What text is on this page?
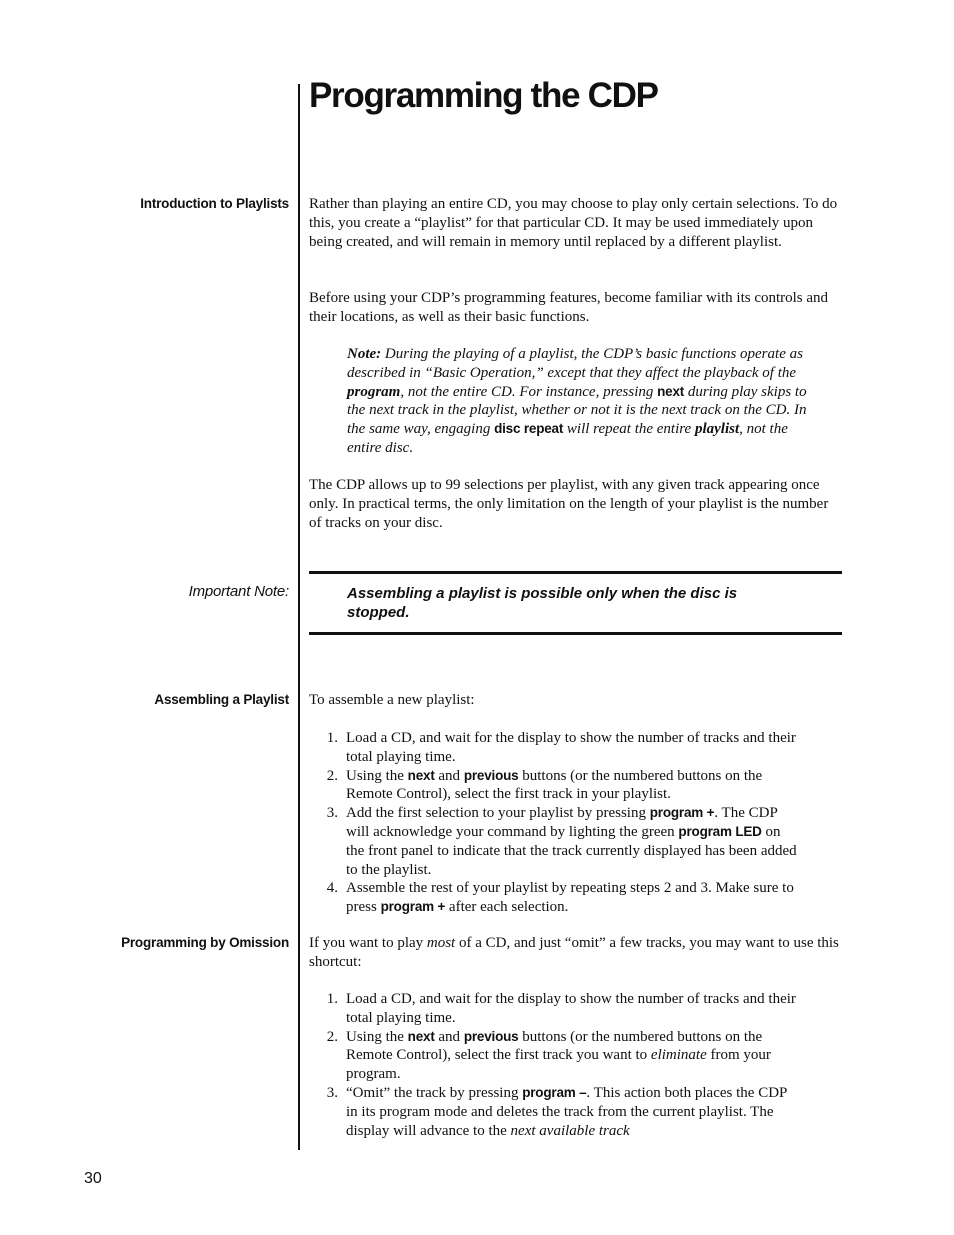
Programming the CDP
Introduction to Playlists
Important Note:
Assembling a Playlist
Programming by Omission

Rather than playing an entire CD, you may choose to play only certain selections. To do this, you create a “playlist” for that particular CD. It may be used immediately upon being created, and will remain in memory until replaced by a different playlist.

Before using your CDP’s programming features, become familiar with its controls and their locations, as well as their basic functions.

Note: During the playing of a playlist, the CDP’s basic functions operate as described in “Basic Operation,” except that they affect the playback of the program, not the entire CD. For instance, pressing next during play skips to the next track in the playlist, whether or not it is the next track on the CD. In the same way, engaging disc repeat will repeat the entire playlist, not the entire disc.

The CDP allows up to 99 selections per playlist, with any given track appearing once only. In practical terms, the only limitation on the length of your playlist is the number of tracks on your disc.

Assembling a playlist is possible only when the disc is stopped.

To assemble a new playlist:

1. Load a CD, and wait for the display to show the number of tracks and their total playing time.
2. Using the next and previous buttons (or the numbered buttons on the Remote Control), select the first track in your playlist.
3. Add the first selection to your playlist by pressing program +. The CDP will acknowledge your command by lighting the green program LED on the front panel to indicate that the track currently displayed has been added to the playlist.
4. Assemble the rest of your playlist by repeating steps 2 and 3. Make sure to press program + after each selection.

If you want to play most of a CD, and just “omit” a few tracks, you may want to use this shortcut:

1. Load a CD, and wait for the display to show the number of tracks and their total playing time.
2. Using the next and previous buttons (or the numbered buttons on the Remote Control), select the first track you want to eliminate from your program.
3. “Omit” the track by pressing program –. This action both places the CDP in its program mode and deletes the track from the current playlist. The display will advance to the next available track
30
